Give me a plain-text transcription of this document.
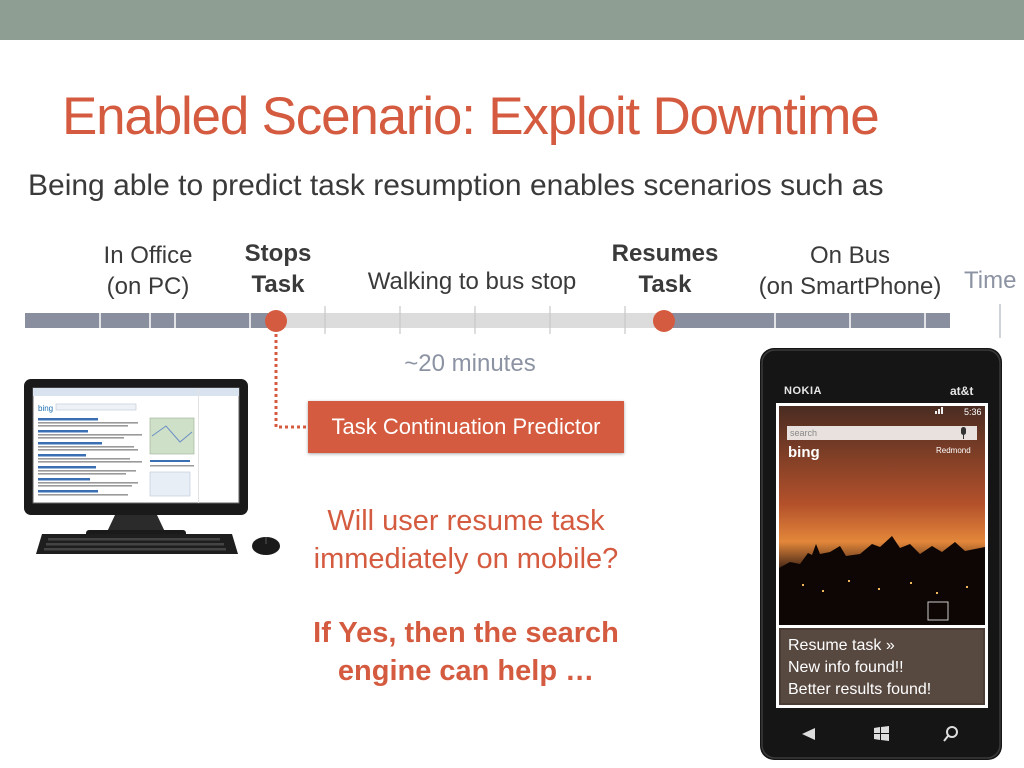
Enabled Scenario: Exploit Downtime
Being able to predict task resumption enables scenarios such as
In Office
(on PC)
Stops
Task	Walking to bus stop
Resumes
Task
On Bus
(on SmartPhone) Time
~20 minutes
Task Continuation Predictor
Will user resume task
immediately on mobile?
If Yes, then the search
engine can help …
bing
NOKIA	at&t
5:36
search
bing	Redmond
Resume task »
New info found!!
Better results found!
